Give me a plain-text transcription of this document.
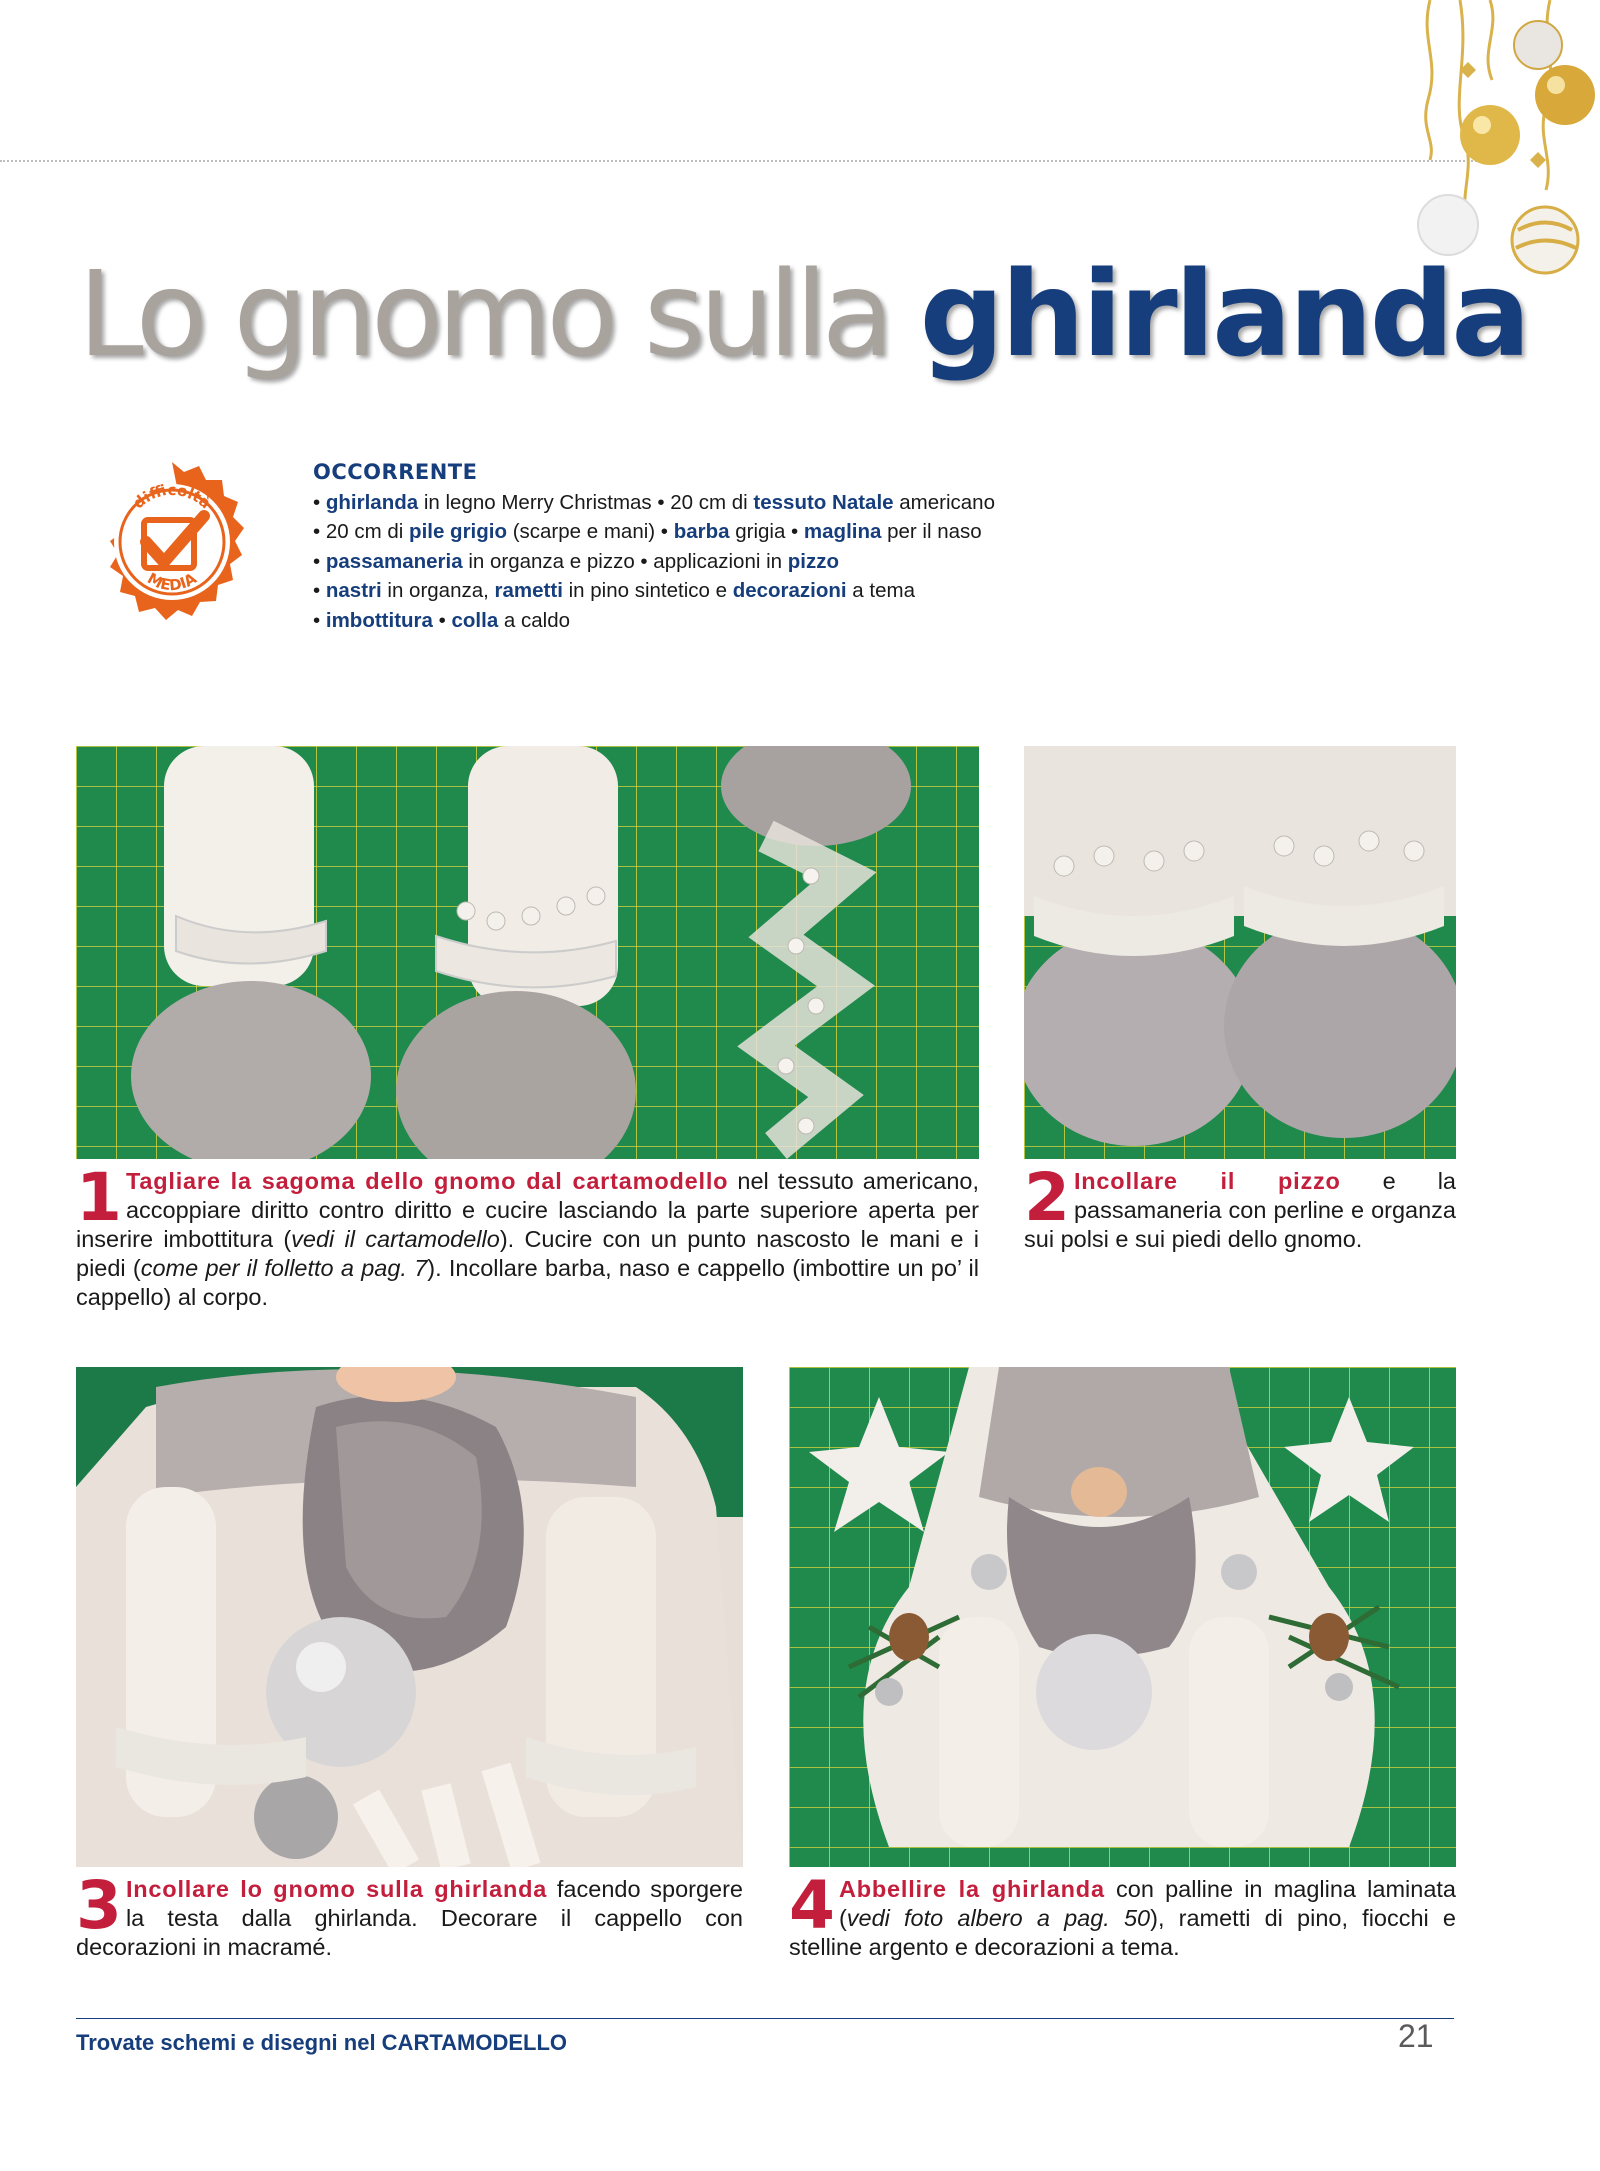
Lo gnomo sulla ghirlanda
difficoltà
MEDIA
OCCORRENTE
• ghirlanda in legno Merry Christmas • 20 cm di tessuto Natale americano
• 20 cm di pile grigio (scarpe e mani) • barba grigia • maglina per il naso
• passamaneria in organza e pizzo • applicazioni in pizzo
• nastri in organza, rametti in pino sintetico e decorazioni a tema
• imbottitura • colla a caldo
1 Tagliare la sagoma dello gnomo dal cartamodello nel tessuto americano, accoppiare diritto contro diritto e cucire lasciando la parte superiore aperta per inserire imbottitura (vedi il cartamodello). Cucire con un punto nascosto le mani e i piedi (come per il folletto a pag. 7). Incollare barba, naso e cappello (imbottire un po’ il cappello) al corpo.
2 Incollare il pizzo e la passamaneria con perline e organza sui polsi e sui piedi dello gnomo.
3 Incollare lo gnomo sulla ghirlanda facendo sporgere la testa dalla ghirlanda. Decorare il cappello con decorazioni in macramé.
4 Abbellire la ghirlanda con palline in maglina laminata (vedi foto albero a pag. 50), rametti di pino, fiocchi e stelline argento e decorazioni a tema.
Trovate schemi e disegni nel CARTAMODELLO	21
